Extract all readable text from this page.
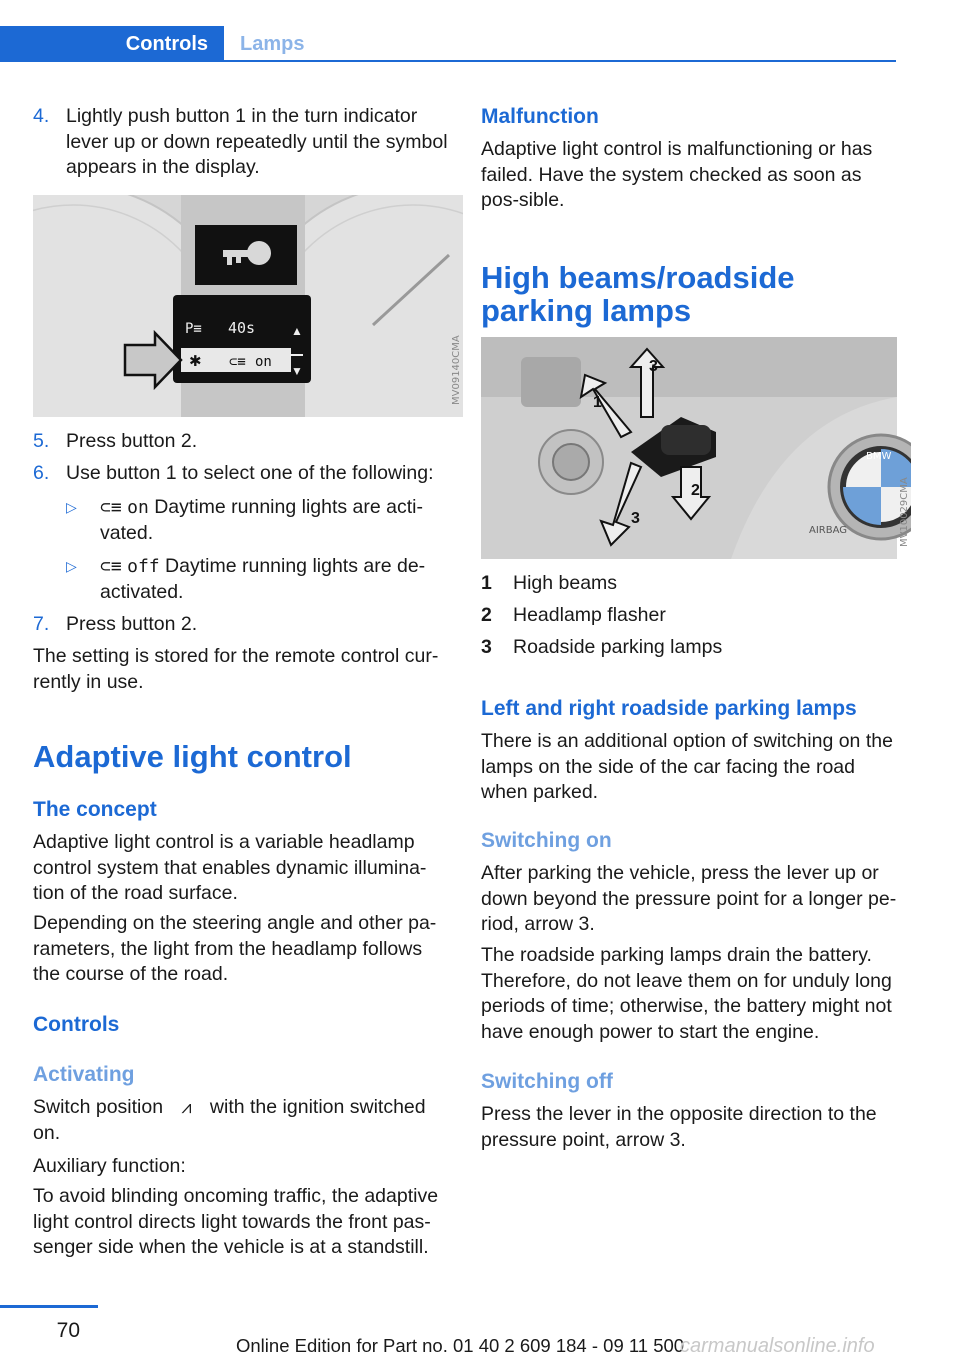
Controls	Lamps
4. Lightly push button 1 in the turn indicator lever up or down repeatedly until the symbol appears in the display.
P≡ 40s
✱ ⊂≡ on
▲
▼	MV09140CMA
5. Press button 2.
6. Use button 1 to select one of the following:
▷ ⊂≡ on Daytime running lights are acti-
vated.
▷ ⊂≡ off Daytime running lights are de-
activated.
7. Press button 2.
The setting is stored for the remote control cur-rently in use.
Adaptive light control
The concept
Adaptive light control is a variable headlamp control system that enables dynamic illumina-tion of the road surface.
Depending on the steering angle and other pa-rameters, the light from the headlamp follows the course of the road.
Controls
Activating
Switch position ⩘ with the ignition switched
on.
Auxiliary function:
To avoid blinding oncoming traffic, the adaptive light control directs light towards the front pas-senger side when the vehicle is at a standstill.
Malfunction
Adaptive light control is malfunctioning or has failed. Have the system checked as soon as pos-sible.
High beams/roadside parking lamps
BMW
AIRBAG
1
2
3
3	MV10029CMA
1 High beams
2 Headlamp flasher
3 Roadside parking lamps
Left and right roadside parking lamps
There is an additional option of switching on the lamps on the side of the car facing the road when parked.
Switching on
After parking the vehicle, press the lever up or down beyond the pressure point for a longer pe-riod, arrow 3.
The roadside parking lamps drain the battery. Therefore, do not leave them on for unduly long periods of time; otherwise, the battery might not have enough power to start the engine.
Switching off
Press the lever in the opposite direction to the pressure point, arrow 3.
70
Online Edition for Part no. 01 40 2 609 184 - 09 11 500
carmanualsonline.info
